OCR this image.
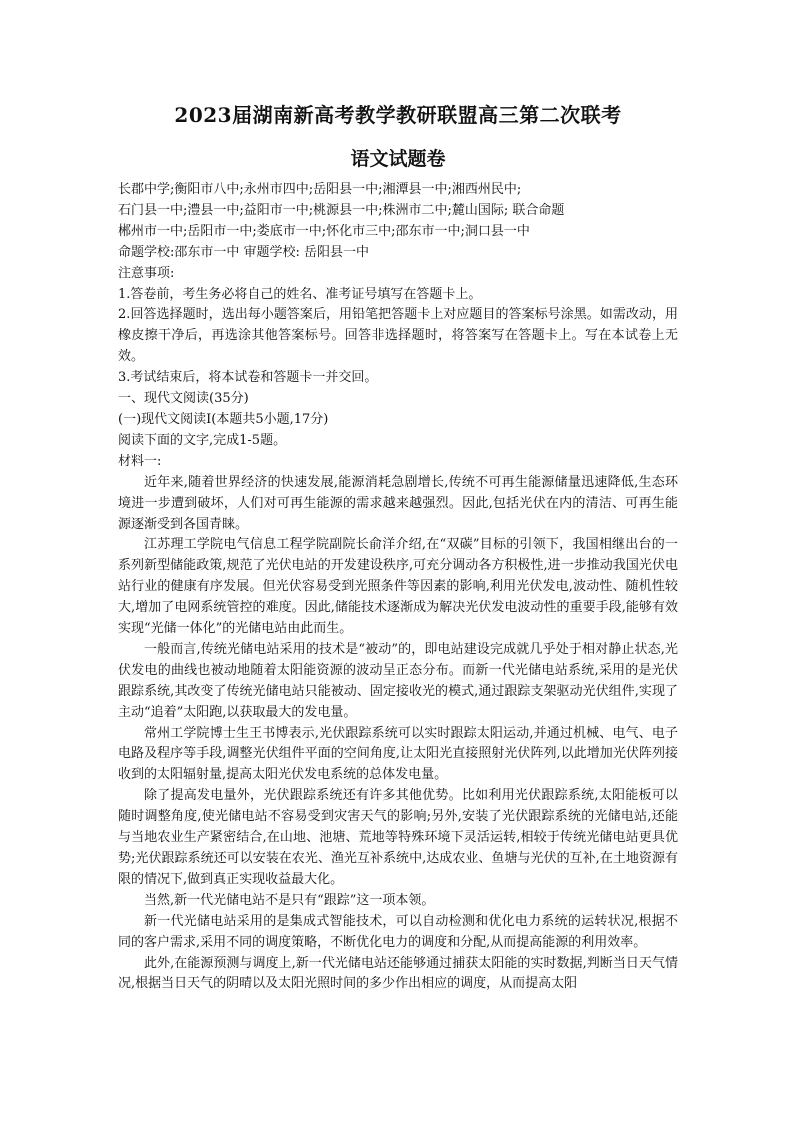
2023届湖南新高考教学教研联盟高三第二次联考
语文试题卷

长郡中学;衡阳市八中;永州市四中;岳阳县一中;湘潭县一中;湘西州民中;

石门县一中;澧县一中;益阳市一中;桃源县一中;株洲市二中;麓山国际; 联合命题

郴州市一中;岳阳市一中;娄底市一中;怀化市三中;邵东市一中;洞口县一中

命题学校:邵东市一中 审题学校: 岳阳县一中

注意事项:

1.答卷前，考生务必将自己的姓名、准考证号填写在答题卡上。

2.回答选择题时，选出每小题答案后，用铅笔把答题卡上对应题目的答案标号涂黑。如需改动，用橡皮擦干净后，再选涂其他答案标号。回答非选择题时，将答案写在答题卡上。写在本试卷上无效。

3.考试结束后，将本试卷和答题卡一并交回。

一、现代文阅读(35分)

(一)现代文阅读Ⅰ(本题共5小题,17分)

阅读下面的文字,完成1-5题。

材料一:

近年来,随着世界经济的快速发展,能源消耗急剧增长,传统不可再生能源储量迅速降低,生态环境进一步遭到破坏，人们对可再生能源的需求越来越强烈。因此,包括光伏在内的清洁、可再生能源逐渐受到各国青睐。

江苏理工学院电气信息工程学院副院长俞洋介绍,在“双碳”目标的引领下，我国相继出台的一系列新型储能政策,规范了光伏电站的开发建设秩序,可充分调动各方积极性,进一步推动我国光伏电站行业的健康有序发展。但光伏容易受到光照条件等因素的影响,利用光伏发电,波动性、随机性较大,增加了电网系统管控的难度。因此,储能技术逐渐成为解决光伏发电波动性的重要手段,能够有效实现“光储一体化”的光储电站由此而生。

一般而言,传统光储电站采用的技术是“被动”的，即电站建设完成就几乎处于相对静止状态,光伏发电的曲线也被动地随着太阳能资源的波动呈正态分布。而新一代光储电站系统,采用的是光伏跟踪系统,其改变了传统光储电站只能被动、固定接收光的模式,通过跟踪支架驱动光伏组件,实现了主动“追着”太阳跑,以获取最大的发电量。

常州工学院博士生王书博表示,光伏跟踪系统可以实时跟踪太阳运动,并通过机械、电气、电子电路及程序等手段,调整光伏组件平面的空间角度,让太阳光直接照射光伏阵列,以此增加光伏阵列接收到的太阳辐射量,提高太阳光伏发电系统的总体发电量。

除了提高发电量外，光伏跟踪系统还有许多其他优势。比如利用光伏跟踪系统,太阳能板可以随时调整角度,使光储电站不容易受到灾害天气的影响;另外,安装了光伏跟踪系统的光储电站,还能与当地农业生产紧密结合,在山地、池塘、荒地等特殊环境下灵活运转,相较于传统光储电站更具优势;光伏跟踪系统还可以安装在农光、渔光互补系统中,达成农业、鱼塘与光伏的互补,在土地资源有限的情况下,做到真正实现收益最大化。

当然,新一代光储电站不是只有“跟踪”这一项本领。

新一代光储电站采用的是集成式智能技术，可以自动检测和优化电力系统的运转状况,根据不同的客户需求,采用不同的调度策略，不断优化电力的调度和分配,从而提高能源的利用效率。

此外,在能源预测与调度上,新一代光储电站还能够通过捕获太阳能的实时数据,判断当日天气情况,根据当日天气的阴晴以及太阳光照时间的多少作出相应的调度，从而提高太阳
